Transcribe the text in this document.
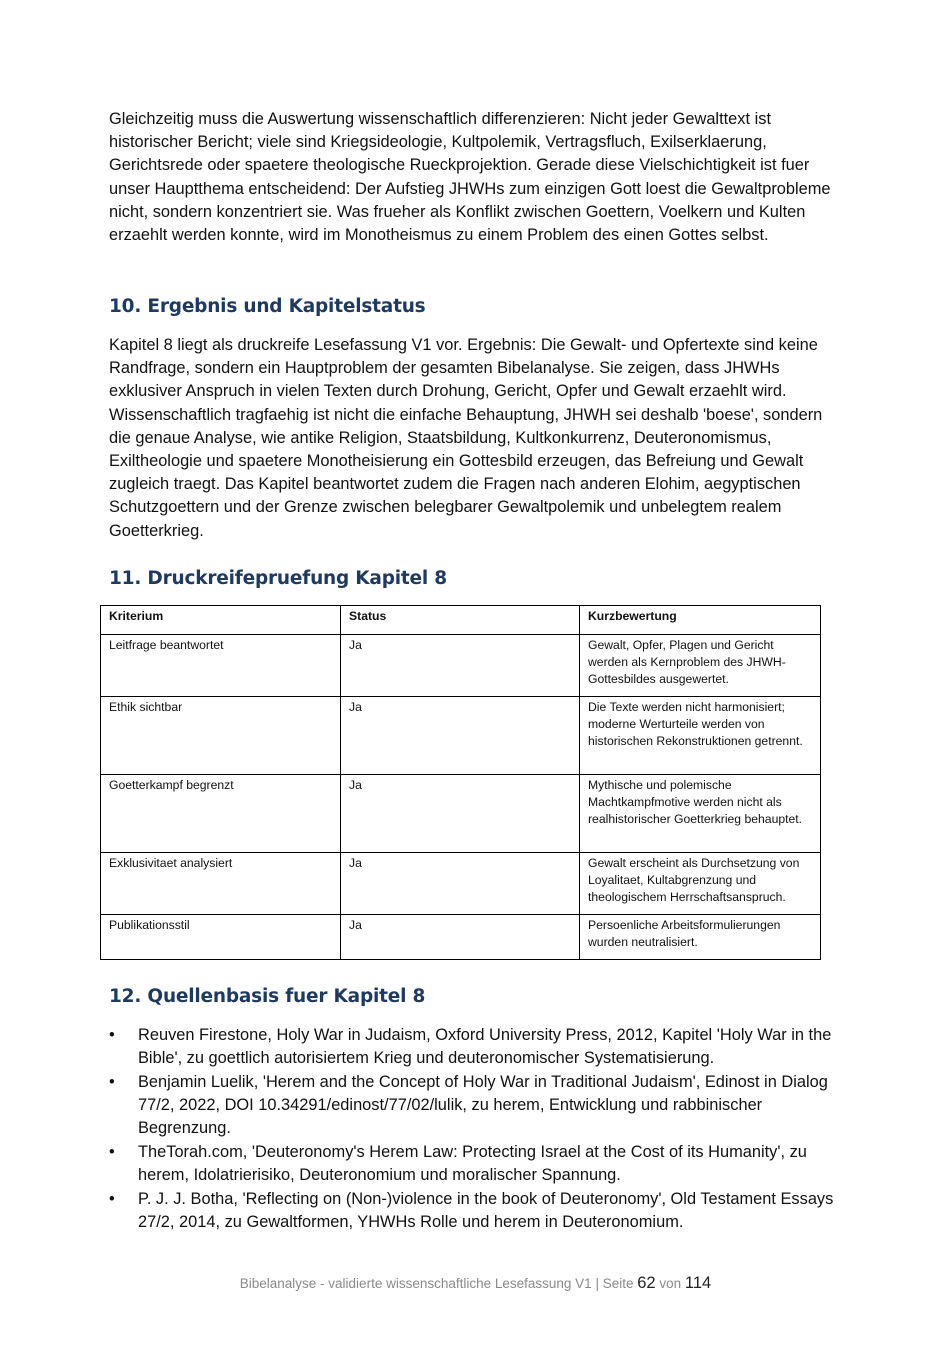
Gleichzeitig muss die Auswertung wissenschaftlich differenzieren: Nicht jeder Gewalttext ist historischer Bericht; viele sind Kriegsideologie, Kultpolemik, Vertragsfluch, Exilserklaerung, Gerichtsrede oder spaetere theologische Rueckprojektion. Gerade diese Vielschichtigkeit ist fuer unser Hauptthema entscheidend: Der Aufstieg JHWHs zum einzigen Gott loest die Gewaltprobleme nicht, sondern konzentriert sie. Was frueher als Konflikt zwischen Goettern, Voelkern und Kulten erzaehlt werden konnte, wird im Monotheismus zu einem Problem des einen Gottes selbst.

10. Ergebnis und Kapitelstatus

Kapitel 8 liegt als druckreife Lesefassung V1 vor. Ergebnis: Die Gewalt- und Opfertexte sind keine Randfrage, sondern ein Hauptproblem der gesamten Bibelanalyse. Sie zeigen, dass JHWHs exklusiver Anspruch in vielen Texten durch Drohung, Gericht, Opfer und Gewalt erzaehlt wird. Wissenschaftlich tragfaehig ist nicht die einfache Behauptung, JHWH sei deshalb 'boese', sondern die genaue Analyse, wie antike Religion, Staatsbildung, Kultkonkurrenz, Deuteronomismus, Exiltheologie und spaetere Monotheisierung ein Gottesbild erzeugen, das Befreiung und Gewalt zugleich traegt. Das Kapitel beantwortet zudem die Fragen nach anderen Elohim, aegyptischen Schutzgoettern und der Grenze zwischen belegbarer Gewaltpolemik und unbelegtem realem Goetterkrieg.

11. Druckreifepruefung Kapitel 8
Kriterium	Status	Kurzbewertung
Leitfrage beantwortet	Ja	Gewalt, Opfer, Plagen und Gericht werden als Kernproblem des JHWH-Gottesbildes ausgewertet.
Ethik sichtbar	Ja	Die Texte werden nicht harmonisiert; moderne Werturteile werden von historischen Rekonstruktionen getrennt.
Goetterkampf begrenzt	Ja	Mythische und polemische Machtkampfmotive werden nicht als realhistorischer Goetterkrieg behauptet.
Exklusivitaet analysiert	Ja	Gewalt erscheint als Durchsetzung von Loyalitaet, Kultabgrenzung und theologischem Herrschaftsanspruch.
Publikationsstil	Ja	Persoenliche Arbeitsformulierungen wurden neutralisiert.
12. Quellenbasis fuer Kapitel 8
•	Reuven Firestone, Holy War in Judaism, Oxford University Press, 2012, Kapitel 'Holy War in the Bible', zu goettlich autorisiertem Krieg und deuteronomischer Systematisierung.
•	Benjamin Luelik, 'Herem and the Concept of Holy War in Traditional Judaism', Edinost in Dialog 77/2, 2022, DOI 10.34291/edinost/77/02/lulik, zu herem, Entwicklung und rabbinischer Begrenzung.
•	TheTorah.com, 'Deuteronomy's Herem Law: Protecting Israel at the Cost of its Humanity', zu herem, Idolatrierisiko, Deuteronomium und moralischer Spannung.
•	P. J. J. Botha, 'Reflecting on (Non-)violence in the book of Deuteronomy', Old Testament Essays 27/2, 2014, zu Gewaltformen, YHWHs Rolle und herem in Deuteronomium.
Bibelanalyse - validierte wissenschaftliche Lesefassung V1 | Seite 62 von 114
